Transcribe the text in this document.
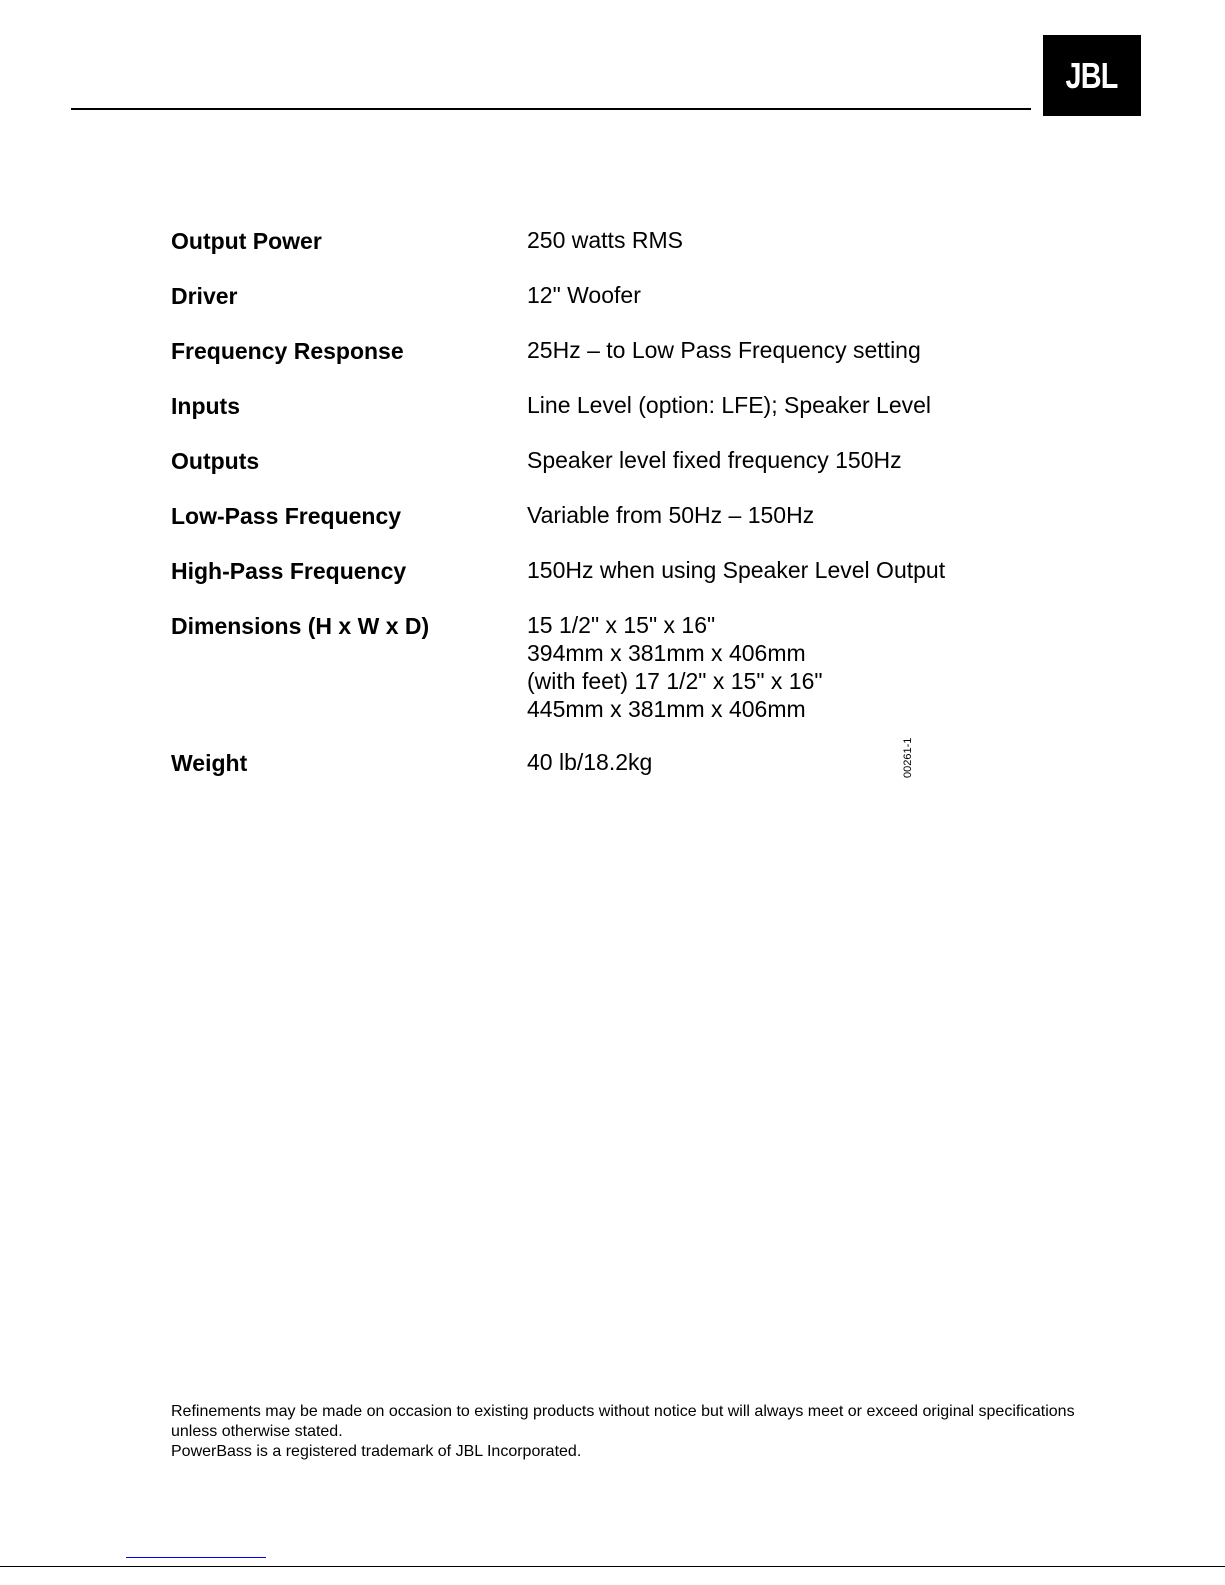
JBL
Output Power	250 watts RMS
Driver	12" Woofer
Frequency Response	25Hz – to Low Pass Frequency setting
Inputs	Line Level (option: LFE); Speaker Level
Outputs	Speaker level fixed frequency 150Hz
Low-Pass Frequency	Variable from 50Hz – 150Hz
High-Pass Frequency	150Hz when using Speaker Level Output
Dimensions (H x W x D)	15 1/2" x 15" x 16"
394mm x 381mm x 406mm
(with feet) 17 1/2" x 15" x 16"
445mm x 381mm x 406mm
Weight	40 lb/18.2kg	00261-1
Refinements may be made on occasion to existing products without notice but will always meet or exceed original specifications unless otherwise stated.
PowerBass is a registered trademark of JBL Incorporated.
